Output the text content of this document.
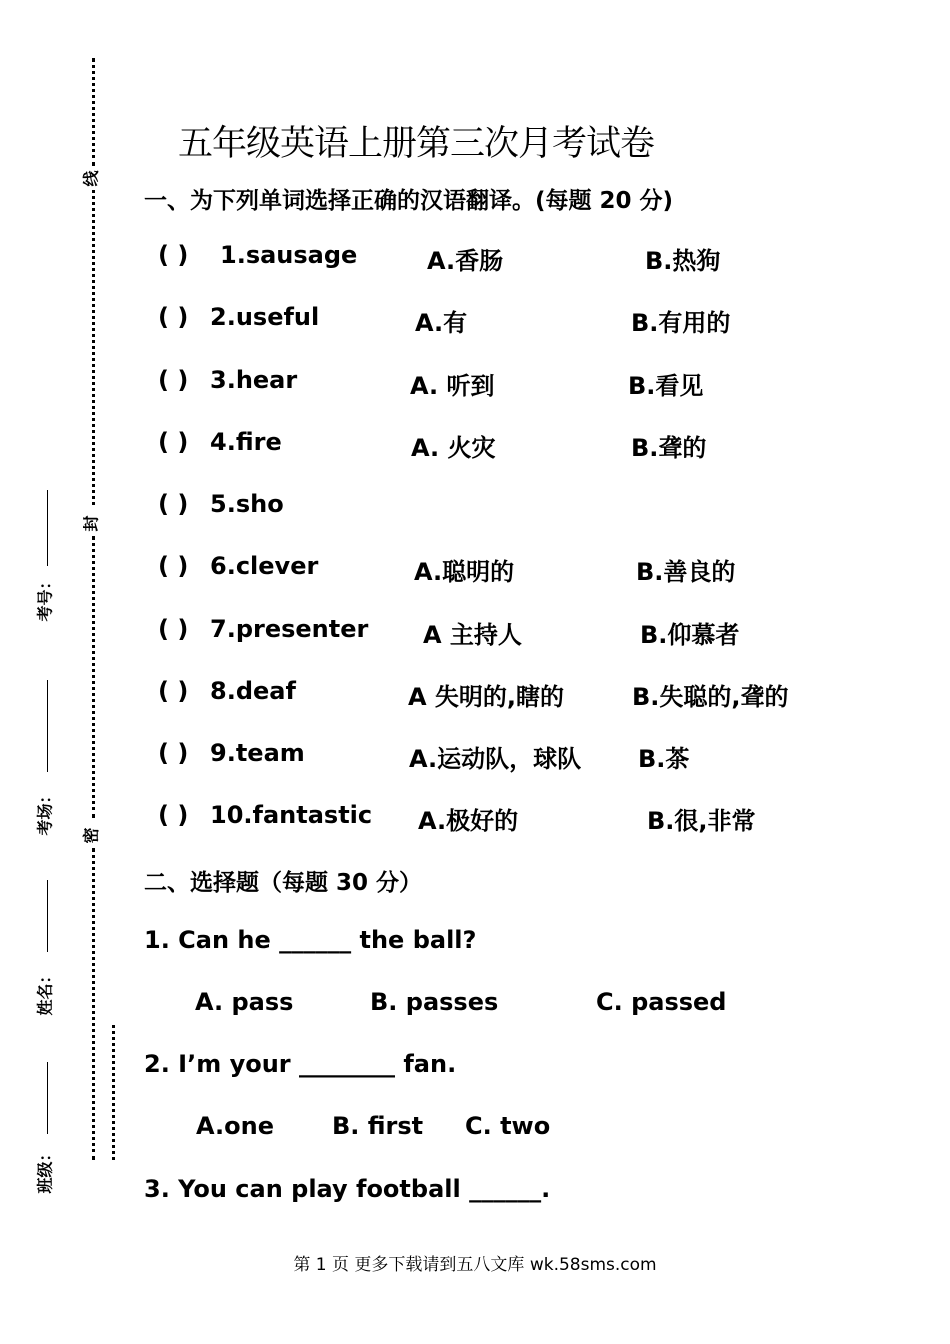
线
封
密
考号：
考场：
姓名：
班级：
五年级英语上册第三次月考试卷
一、为下列单词选择正确的汉语翻译。(每题 20 分)
( ) 1.sausage	A.香肠	B.热狗
( ) 2.useful	A.有	B.有用的
( ) 3.hear	A. 听到	B.看见
( ) 4.fire	A. 火灾	B.聋的
( ) 5.sho
( ) 6.clever	A.聪明的	B.善良的
( ) 7.presenter A 主持人	B.仰慕者
( ) 8.deaf	A 失明的,瞎的	B.失聪的,聋的
( ) 9.team	A.运动队，球队 B.茶
( ) 10.fantastic A.极好的	B.很,非常
二、选择题（每题 30 分）
1. Can he ______ the ball?
A. pass	B. passes	C. passed
2. I’m your ________ fan.
A.one B. first C. two
3. You can play football ______.
第 1 页 更多下载请到五八文库 wk.58sms.com
